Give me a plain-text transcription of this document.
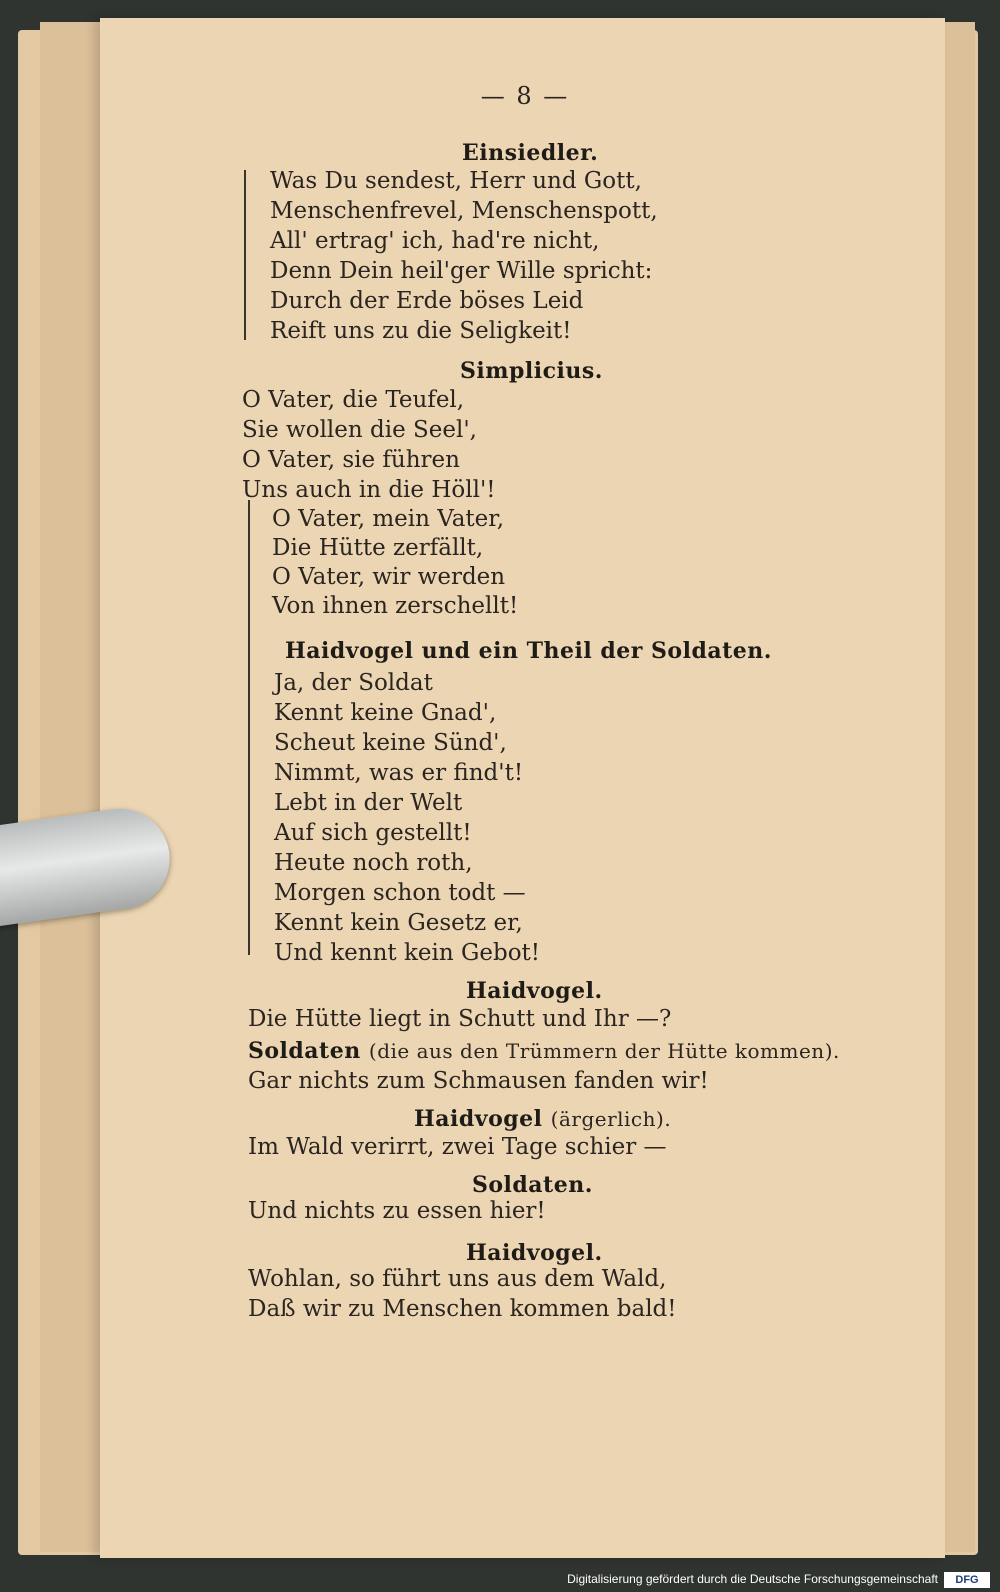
— 8 —
Einsiedler.
Was Du sendest, Herr und Gott,
Menschenfrevel, Menschenspott,
All' ertrag' ich, had're nicht,
Denn Dein heil'ger Wille spricht:
Durch der Erde böses Leid
Reift uns zu die Seligkeit!
Simplicius.
O Vater, die Teufel,
Sie wollen die Seel',
O Vater, sie führen
Uns auch in die Höll'!
O Vater, mein Vater,
Die Hütte zerfällt,
O Vater, wir werden
Von ihnen zerschellt!
Haidvogel und ein Theil der Soldaten.
Ja, der Soldat
Kennt keine Gnad',
Scheut keine Sünd',
Nimmt, was er find't!
Lebt in der Welt
Auf sich gestellt!
Heute noch roth,
Morgen schon todt —
Kennt kein Gesetz er,
Und kennt kein Gebot!
Haidvogel.
Die Hütte liegt in Schutt und Ihr —?
Soldaten (die aus den Trümmern der Hütte kommen).
Gar nichts zum Schmausen fanden wir!
Haidvogel (ärgerlich).
Im Wald verirrt, zwei Tage schier —
Soldaten.
Und nichts zu essen hier!
Haidvogel.
Wohlan, so führt uns aus dem Wald,
Daß wir zu Menschen kommen bald!
Digitalisierung gefördert durch die Deutsche Forschungsgemeinschaft	DFG
